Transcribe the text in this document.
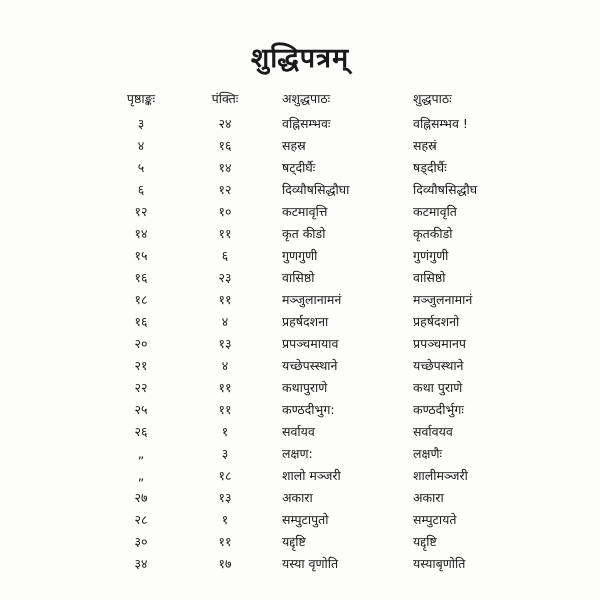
शुद्धिपत्रम्
पृष्ठाङ्कः	पंक्तिः	अशुद्धपाठः	शुद्धपाठः
३	२४	वह्निसम्भवः	वह्निसम्भव !
४	१६	सहस्र	सहस्रं
५	१४	षट्दीर्घैः	षड्दीर्घैः
६	१२	दिव्यौषसिद्धौघा	दिव्यौषसिद्धौघ
१२	१०	कटमावृत्ति	कटमावृति
१४	११	कृत कीडो	कृतकीडो
१५	६	गुणगुणी	गुणंगुणी
१६	२३	वासिष्ठो	वासिष्ठो
१८	११	मञ्जुलानामनं	मञ्जुलनामानं
१६	४	प्रहर्षदशना	प्रहर्षदशनो
२०	१३	प्रपञ्चमायाव	प्रपञ्चमानप
२१	४	यच्छेपस्स्थाने	यच्छेपस्थाने
२२	११	कथापुराणे	कथा पुराणे
२५	११	कण्ठदीभुग:	कण्ठदीर्भुगः
२६	१	सर्वायव	सर्वावयव
„	३	लक्षण:	लक्षणैः
„	१८	शालो मञ्जरी	शालीमञ्जरी
२७	१३	अकारा	अकारा
२८	१	सम्पुटापुतो	सम्पुटायते
३०	११	यद्दृष्टि	यद्दृष्टि
३४	१७	यस्या वृणोति	यस्याबृणोति
